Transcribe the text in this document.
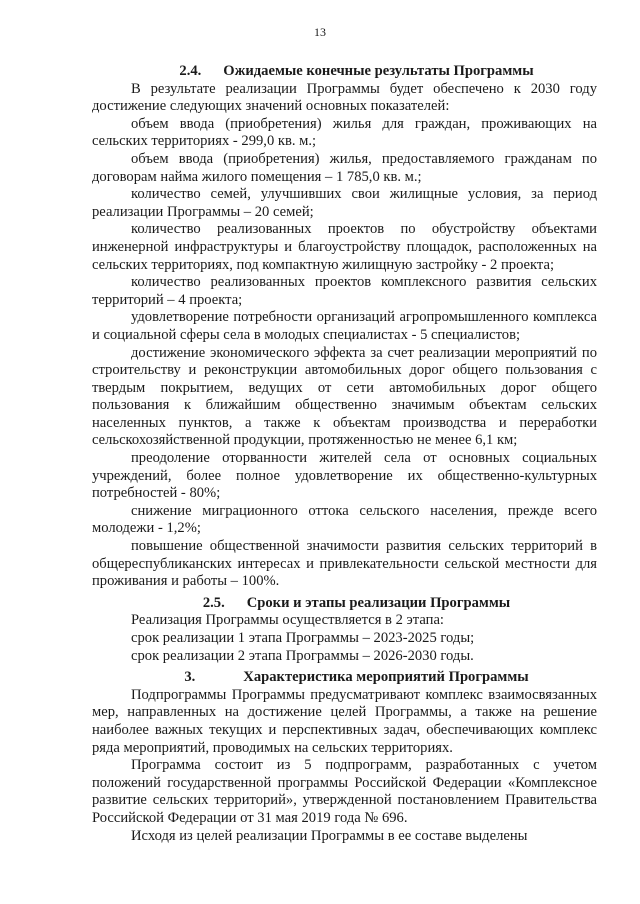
13
2.4. Ожидаемые конечные результаты Программы

В результате реализации Программы будет обеспечено к 2030 году достижение следующих значений основных показателей:

объем ввода (приобретения) жилья для граждан, проживающих на сельских территориях - 299,0 кв. м.;

объем ввода (приобретения) жилья, предоставляемого гражданам по договорам найма жилого помещения – 1 785,0 кв. м.;

количество семей, улучшивших свои жилищные условия, за период реализации Программы – 20 семей;

количество реализованных проектов по обустройству объектами инженерной инфраструктуры и благоустройству площадок, расположенных на сельских территориях, под компактную жилищную застройку - 2 проекта;

количество реализованных проектов комплексного развития сельских территорий – 4 проекта;

удовлетворение потребности организаций агропромышленного комплекса и социальной сферы села в молодых специалистах - 5 специалистов;

достижение экономического эффекта за счет реализации мероприятий по строительству и реконструкции автомобильных дорог общего пользования с твердым покрытием, ведущих от сети автомобильных дорог общего пользования к ближайшим общественно значимым объектам сельских населенных пунктов, а также к объектам производства и переработки сельскохозяйственной продукции, протяженностью не менее 6,1 км;

преодоление оторванности жителей села от основных социальных учреждений, более полное удовлетворение их общественно-культурных потребностей - 80%;

снижение миграционного оттока сельского населения, прежде всего молодежи - 1,2%;

повышение общественной значимости развития сельских территорий в общереспубликанских интересах и привлекательности сельской местности для проживания и работы – 100%.

2.5. Сроки и этапы реализации Программы

Реализация Программы осуществляется в 2 этапа:

срок реализации 1 этапа Программы – 2023-2025 годы;

срок реализации 2 этапа Программы – 2026-2030 годы.

3.	Характеристика мероприятий Программы

Подпрограммы Программы предусматривают комплекс взаимосвязанных мер, направленных на достижение целей Программы, а также на решение наиболее важных текущих и перспективных задач, обеспечивающих комплекс ряда мероприятий, проводимых на сельских территориях.

Программа состоит из 5 подпрограмм, разработанных с учетом положений государственной программы Российской Федерации «Комплексное развитие сельских территорий», утвержденной постановлением Правительства Российской Федерации от 31 мая 2019 года № 696.

Исходя из целей реализации Программы в ее составе выделены
